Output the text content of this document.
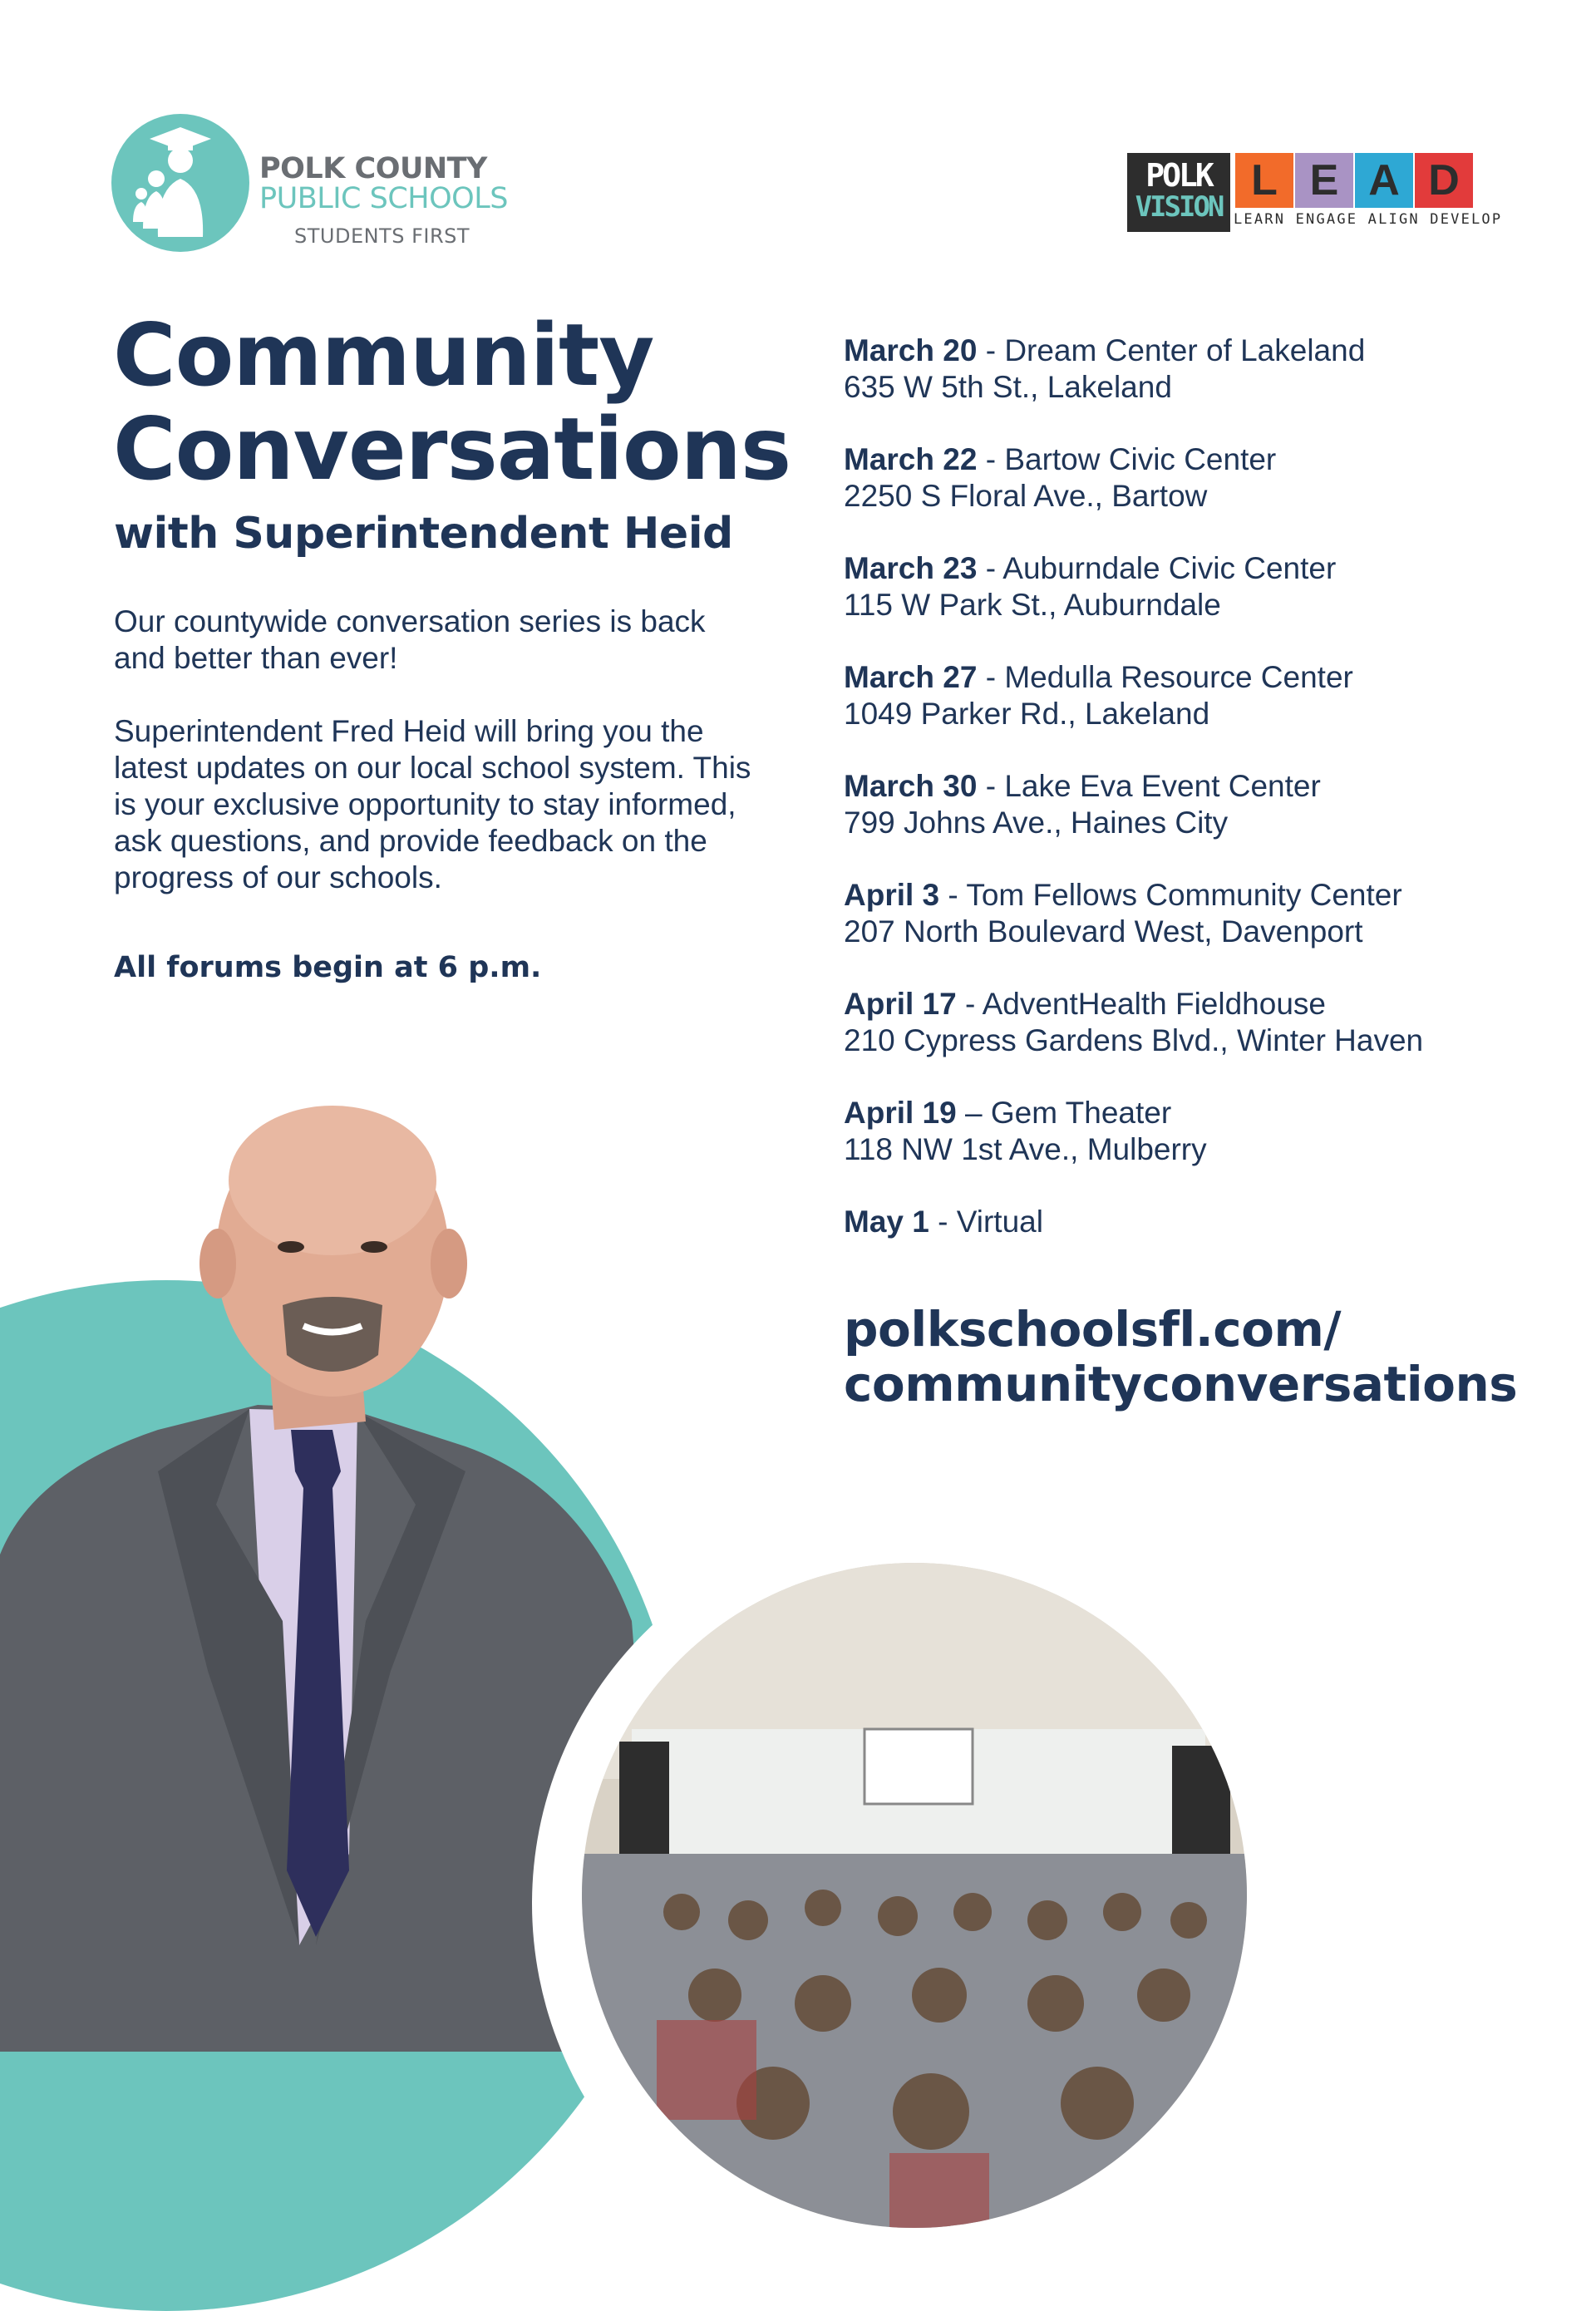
POLK COUNTY
PUBLIC SCHOOLS
STUDENTS FIRST
POLK
VISION
L E A D
LEARN ENGAGE ALIGN DEVELOP
Community
Conversations
with Superintendent Heid
Our countywide conversation series is back and better than ever!
Superintendent Fred Heid will bring you the latest updates on our local school system. This is your exclusive opportunity to stay informed, ask questions, and provide feedback on the progress of our schools.
All forums begin at 6 p.m.
March 20 - Dream Center of Lakeland
635 W 5th St., Lakeland
March 22 - Bartow Civic Center
2250 S Floral Ave., Bartow
March 23 - Auburndale Civic Center
115 W Park St., Auburndale
March 27 - Medulla Resource Center
1049 Parker Rd., Lakeland
March 30 - Lake Eva Event Center
799 Johns Ave., Haines City
April 3 - Tom Fellows Community Center
207 North Boulevard West, Davenport
April 17 - AdventHealth Fieldhouse
210 Cypress Gardens Blvd., Winter Haven
April 19 – Gem Theater
118 NW 1st Ave., Mulberry
May 1 - Virtual
polkschoolsfl.com/
communityconversations
